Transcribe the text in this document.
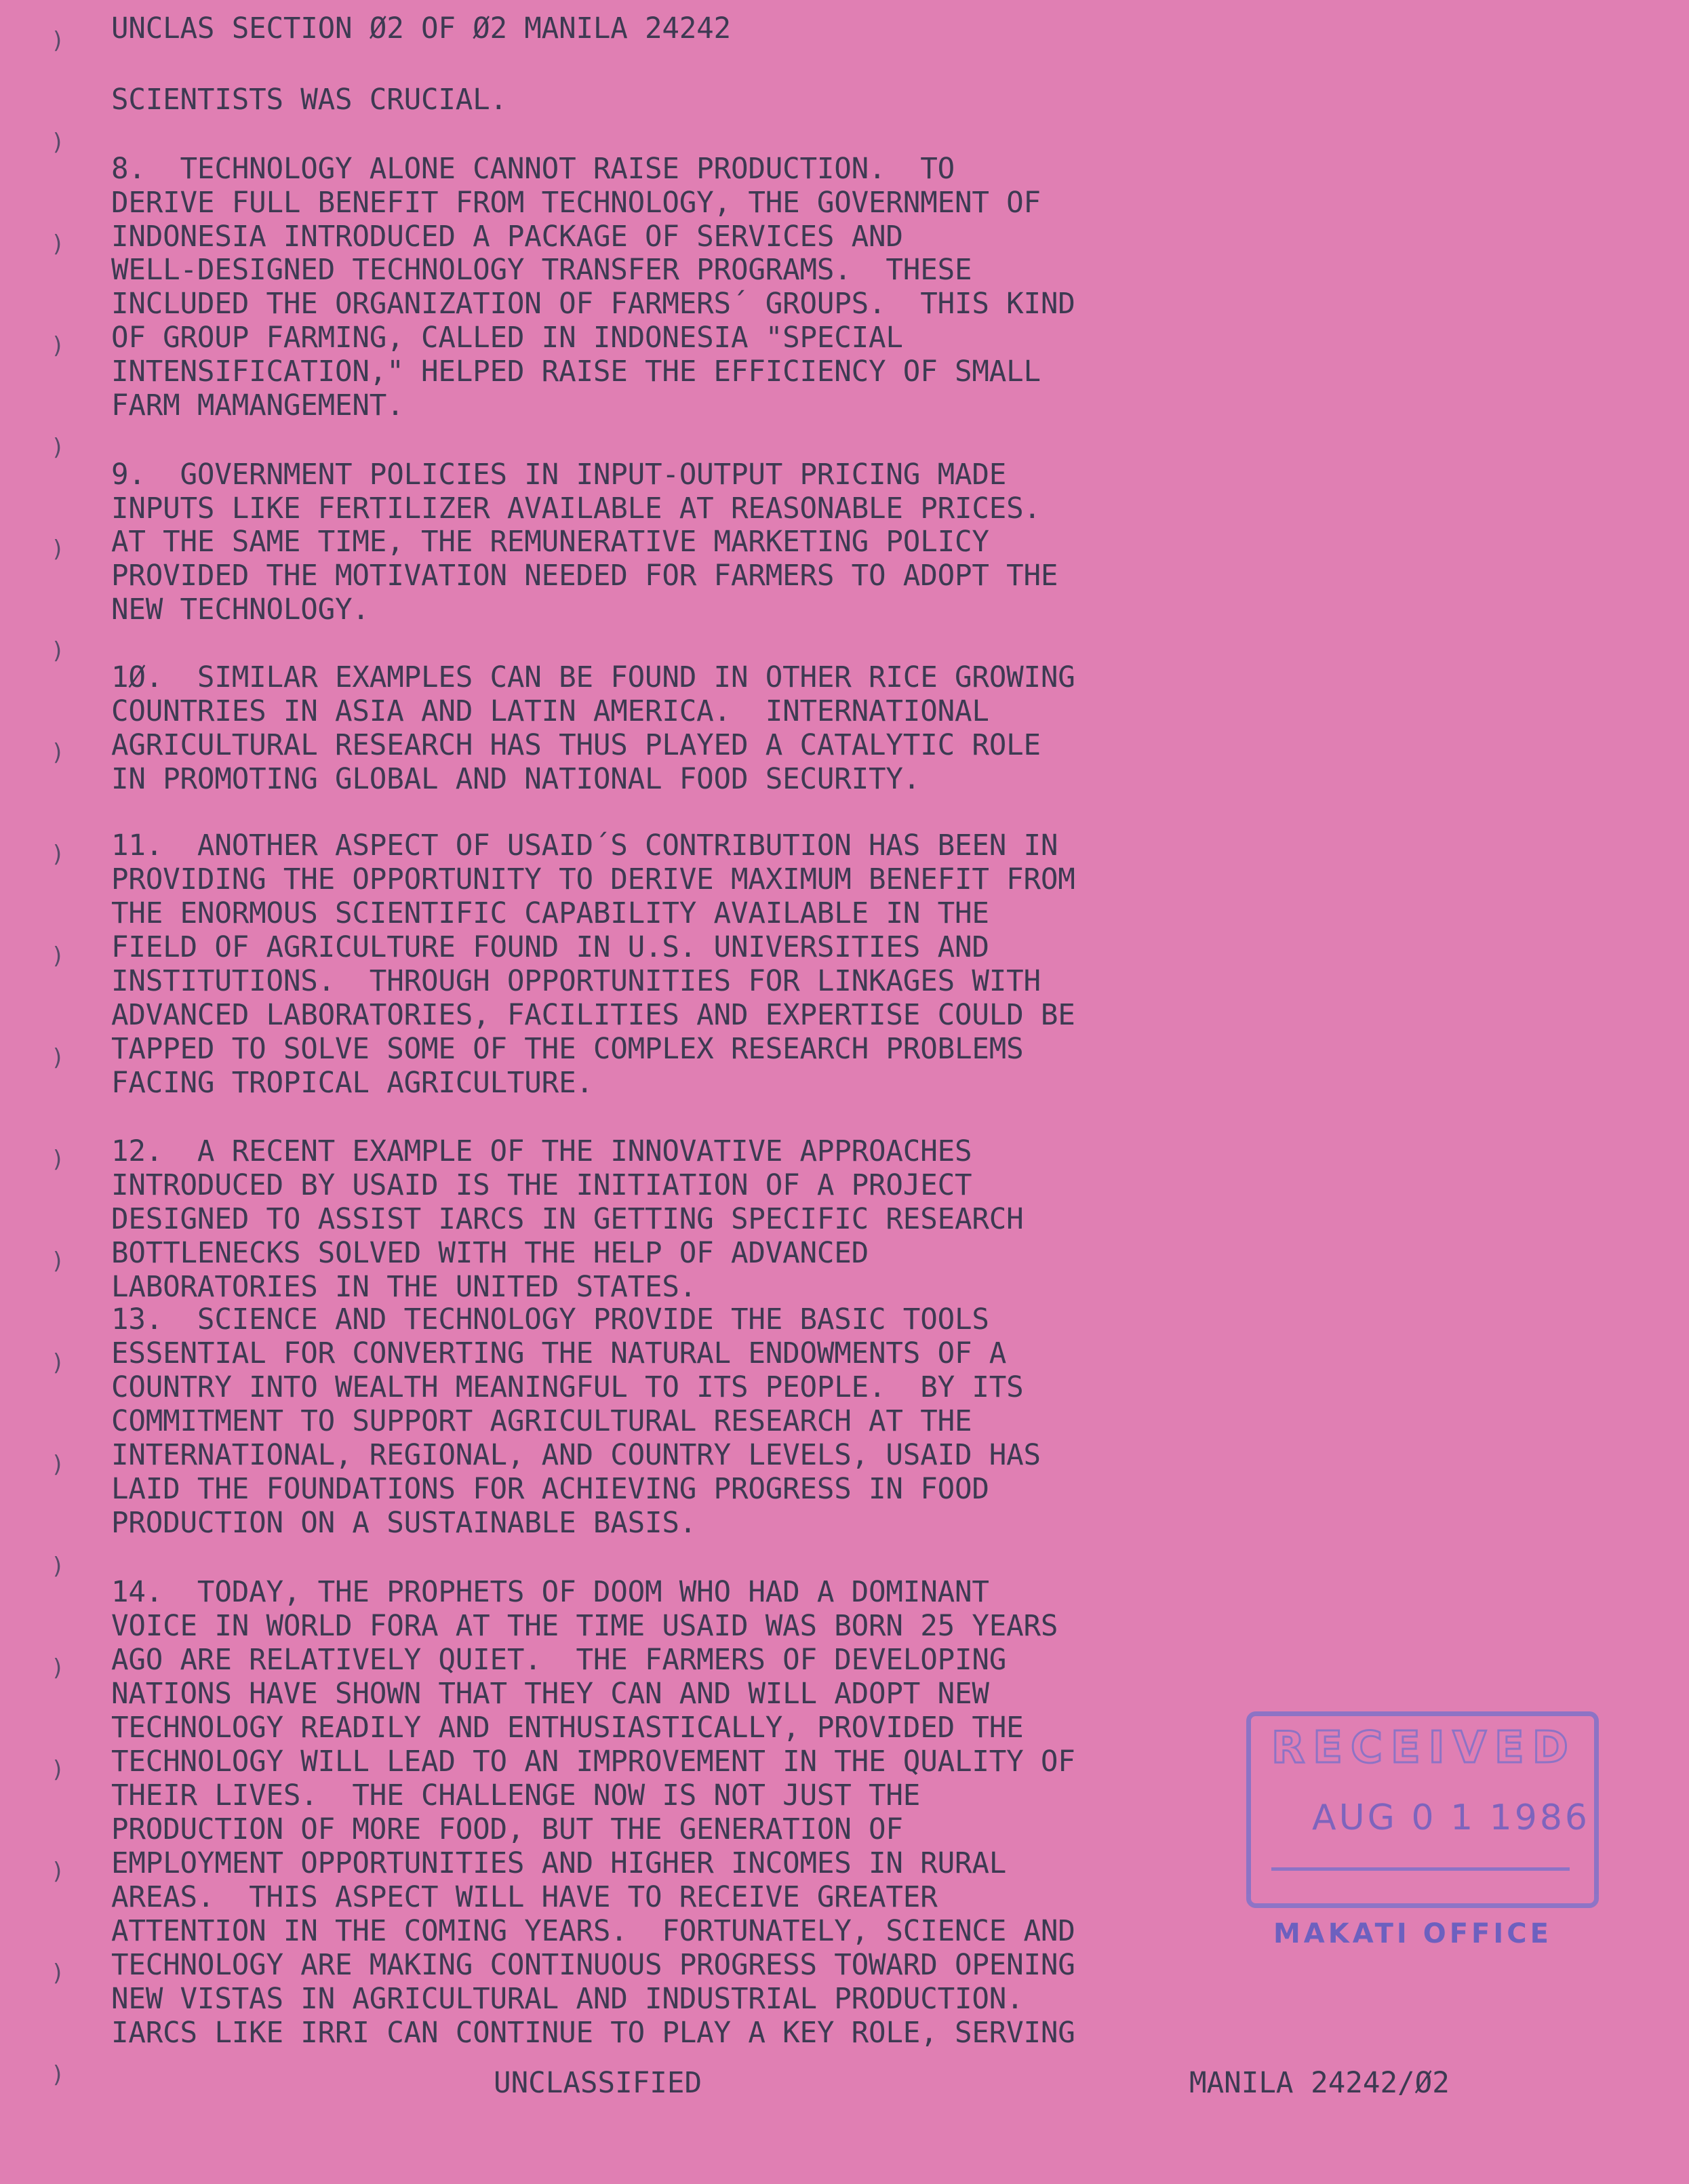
UNCLAS SECTION Ø2 OF Ø2 MANILA 24242
SCIENTISTS WAS CRUCIAL.
8.  TECHNOLOGY ALONE CANNOT RAISE PRODUCTION.  TO
DERIVE FULL BENEFIT FROM TECHNOLOGY, THE GOVERNMENT OF
INDONESIA INTRODUCED A PACKAGE OF SERVICES AND
WELL-DESIGNED TECHNOLOGY TRANSFER PROGRAMS.  THESE
INCLUDED THE ORGANIZATION OF FARMERS´ GROUPS.  THIS KIND
OF GROUP FARMING, CALLED IN INDONESIA "SPECIAL
INTENSIFICATION," HELPED RAISE THE EFFICIENCY OF SMALL
FARM MAMANGEMENT.
9.  GOVERNMENT POLICIES IN INPUT-OUTPUT PRICING MADE
INPUTS LIKE FERTILIZER AVAILABLE AT REASONABLE PRICES.
AT THE SAME TIME, THE REMUNERATIVE MARKETING POLICY
PROVIDED THE MOTIVATION NEEDED FOR FARMERS TO ADOPT THE
NEW TECHNOLOGY.
1Ø.  SIMILAR EXAMPLES CAN BE FOUND IN OTHER RICE GROWING
COUNTRIES IN ASIA AND LATIN AMERICA.  INTERNATIONAL
AGRICULTURAL RESEARCH HAS THUS PLAYED A CATALYTIC ROLE
IN PROMOTING GLOBAL AND NATIONAL FOOD SECURITY.
11.  ANOTHER ASPECT OF USAID´S CONTRIBUTION HAS BEEN IN
PROVIDING THE OPPORTUNITY TO DERIVE MAXIMUM BENEFIT FROM
THE ENORMOUS SCIENTIFIC CAPABILITY AVAILABLE IN THE
FIELD OF AGRICULTURE FOUND IN U.S. UNIVERSITIES AND
INSTITUTIONS.  THROUGH OPPORTUNITIES FOR LINKAGES WITH
ADVANCED LABORATORIES, FACILITIES AND EXPERTISE COULD BE
TAPPED TO SOLVE SOME OF THE COMPLEX RESEARCH PROBLEMS
FACING TROPICAL AGRICULTURE.
12.  A RECENT EXAMPLE OF THE INNOVATIVE APPROACHES
INTRODUCED BY USAID IS THE INITIATION OF A PROJECT
DESIGNED TO ASSIST IARCS IN GETTING SPECIFIC RESEARCH
BOTTLENECKS SOLVED WITH THE HELP OF ADVANCED
LABORATORIES IN THE UNITED STATES.
13.  SCIENCE AND TECHNOLOGY PROVIDE THE BASIC TOOLS
ESSENTIAL FOR CONVERTING THE NATURAL ENDOWMENTS OF A
COUNTRY INTO WEALTH MEANINGFUL TO ITS PEOPLE.  BY ITS
COMMITMENT TO SUPPORT AGRICULTURAL RESEARCH AT THE
INTERNATIONAL, REGIONAL, AND COUNTRY LEVELS, USAID HAS
LAID THE FOUNDATIONS FOR ACHIEVING PROGRESS IN FOOD
PRODUCTION ON A SUSTAINABLE BASIS.
14.  TODAY, THE PROPHETS OF DOOM WHO HAD A DOMINANT
VOICE IN WORLD FORA AT THE TIME USAID WAS BORN 25 YEARS
AGO ARE RELATIVELY QUIET.  THE FARMERS OF DEVELOPING
NATIONS HAVE SHOWN THAT THEY CAN AND WILL ADOPT NEW
TECHNOLOGY READILY AND ENTHUSIASTICALLY, PROVIDED THE
TECHNOLOGY WILL LEAD TO AN IMPROVEMENT IN THE QUALITY OF
THEIR LIVES.  THE CHALLENGE NOW IS NOT JUST THE
PRODUCTION OF MORE FOOD, BUT THE GENERATION OF
EMPLOYMENT OPPORTUNITIES AND HIGHER INCOMES IN RURAL
AREAS.  THIS ASPECT WILL HAVE TO RECEIVE GREATER
ATTENTION IN THE COMING YEARS.  FORTUNATELY, SCIENCE AND
TECHNOLOGY ARE MAKING CONTINUOUS PROGRESS TOWARD OPENING
NEW VISTAS IN AGRICULTURAL AND INDUSTRIAL PRODUCTION.
IARCS LIKE IRRI CAN CONTINUE TO PLAY A KEY ROLE, SERVING
)
)
)
)
)
)
)
)
)
)
)
)
)
)
)
)
)
)
)
)
)
RECEIVED
AUG 0 1 1986
MAKATI OFFICE
UNCLASSIFIED	MANILA 24242/Ø2
